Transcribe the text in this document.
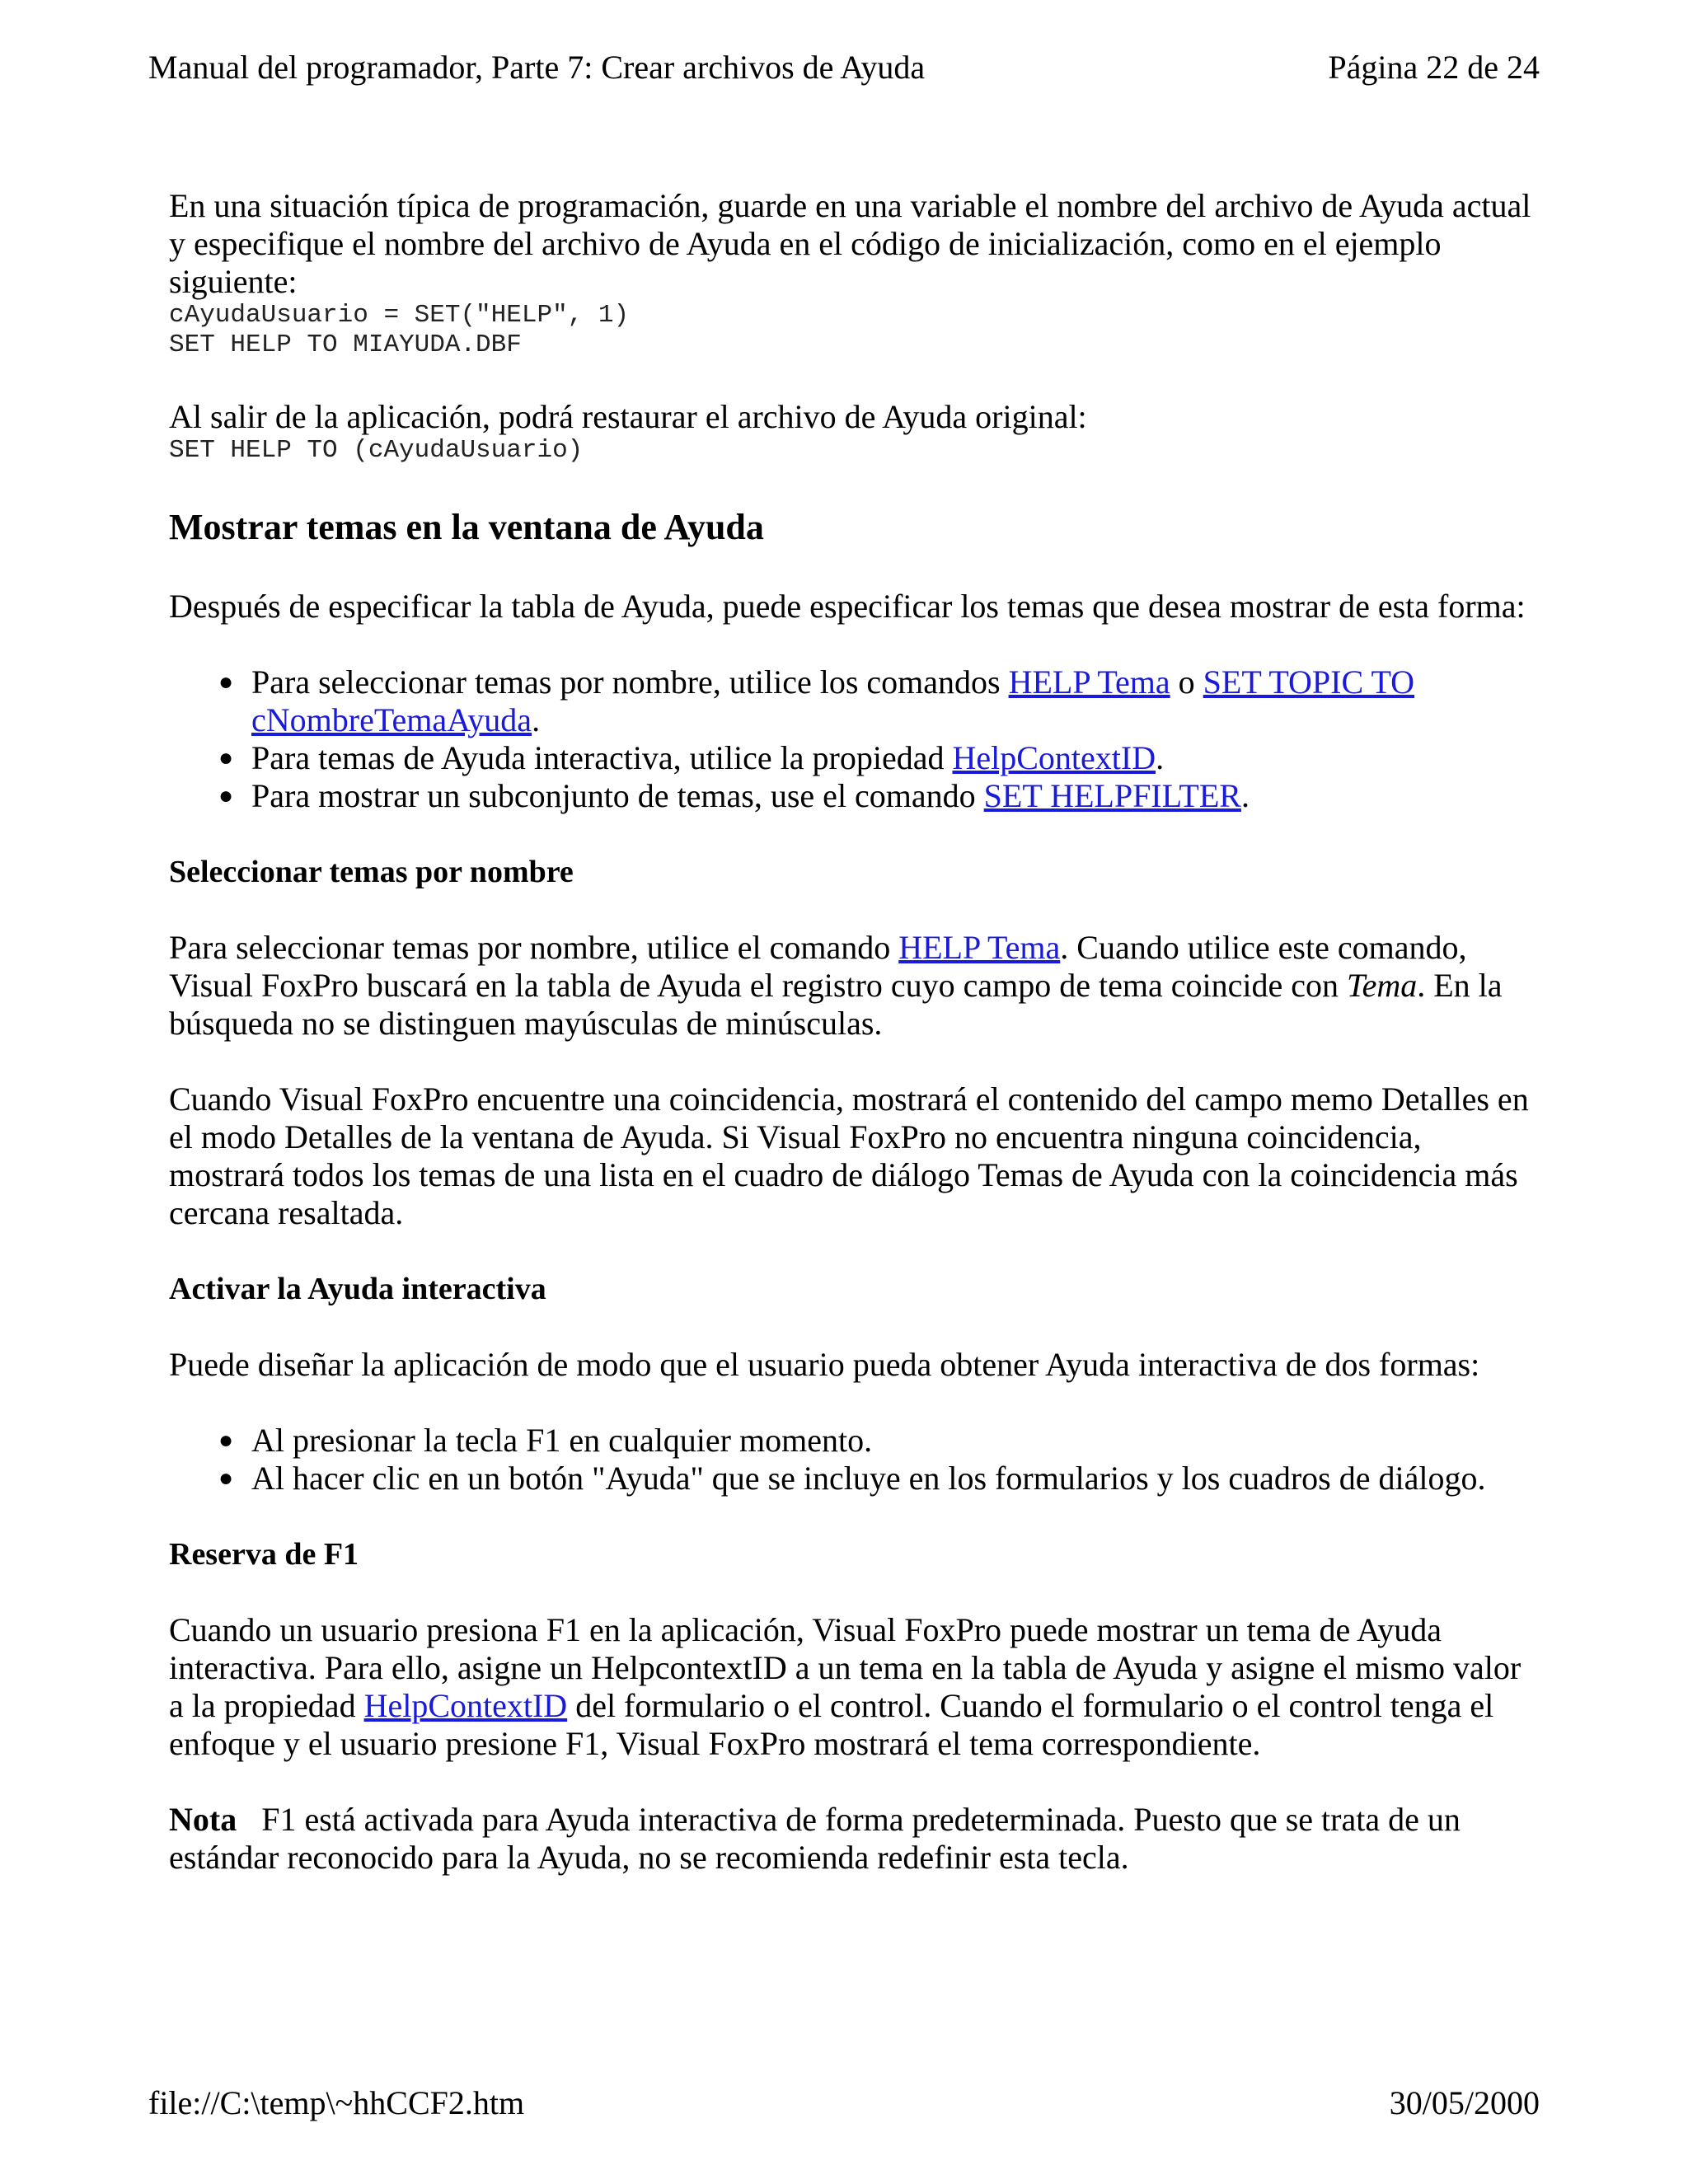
Manual del programador, Parte 7: Crear archivos de Ayuda	Página 22 de 24

En una situación típica de programación, guarde en una variable el nombre del archivo de Ayuda actual y especifique el nombre del archivo de Ayuda en el código de inicialización, como en el ejemplo siguiente:

cAyudaUsuario = SET("HELP", 1)
SET HELP TO MIAYUDA.DBF

Al salir de la aplicación, podrá restaurar el archivo de Ayuda original:

SET HELP TO (cAyudaUsuario)
Mostrar temas en la ventana de Ayuda

Después de especificar la tabla de Ayuda, puede especificar los temas que desea mostrar de esta forma:

● Para seleccionar temas por nombre, utilice los comandos HELP Tema o SET TOPIC TO cNombreTemaAyuda.
● Para temas de Ayuda interactiva, utilice la propiedad HelpContextID.
● Para mostrar un subconjunto de temas, use el comando SET HELPFILTER.
Seleccionar temas por nombre

Para seleccionar temas por nombre, utilice el comando HELP Tema. Cuando utilice este comando, Visual FoxPro buscará en la tabla de Ayuda el registro cuyo campo de tema coincide con Tema. En la búsqueda no se distinguen mayúsculas de minúsculas.

Cuando Visual FoxPro encuentre una coincidencia, mostrará el contenido del campo memo Detalles en el modo Detalles de la ventana de Ayuda. Si Visual FoxPro no encuentra ninguna coincidencia, mostrará todos los temas de una lista en el cuadro de diálogo Temas de Ayuda con la coincidencia más cercana resaltada.

Activar la Ayuda interactiva

Puede diseñar la aplicación de modo que el usuario pueda obtener Ayuda interactiva de dos formas:

● Al presionar la tecla F1 en cualquier momento.
● Al hacer clic en un botón "Ayuda" que se incluye en los formularios y los cuadros de diálogo.
Reserva de F1

Cuando un usuario presiona F1 en la aplicación, Visual FoxPro puede mostrar un tema de Ayuda interactiva. Para ello, asigne un HelpcontextID a un tema en la tabla de Ayuda y asigne el mismo valor a la propiedad HelpContextID del formulario o el control. Cuando el formulario o el control tenga el enfoque y el usuario presione F1, Visual FoxPro mostrará el tema correspondiente.

Nota   F1 está activada para Ayuda interactiva de forma predeterminada. Puesto que se trata de un estándar reconocido para la Ayuda, no se recomienda redefinir esta tecla.

file://C:\temp\~hhCCF2.htm	30/05/2000
